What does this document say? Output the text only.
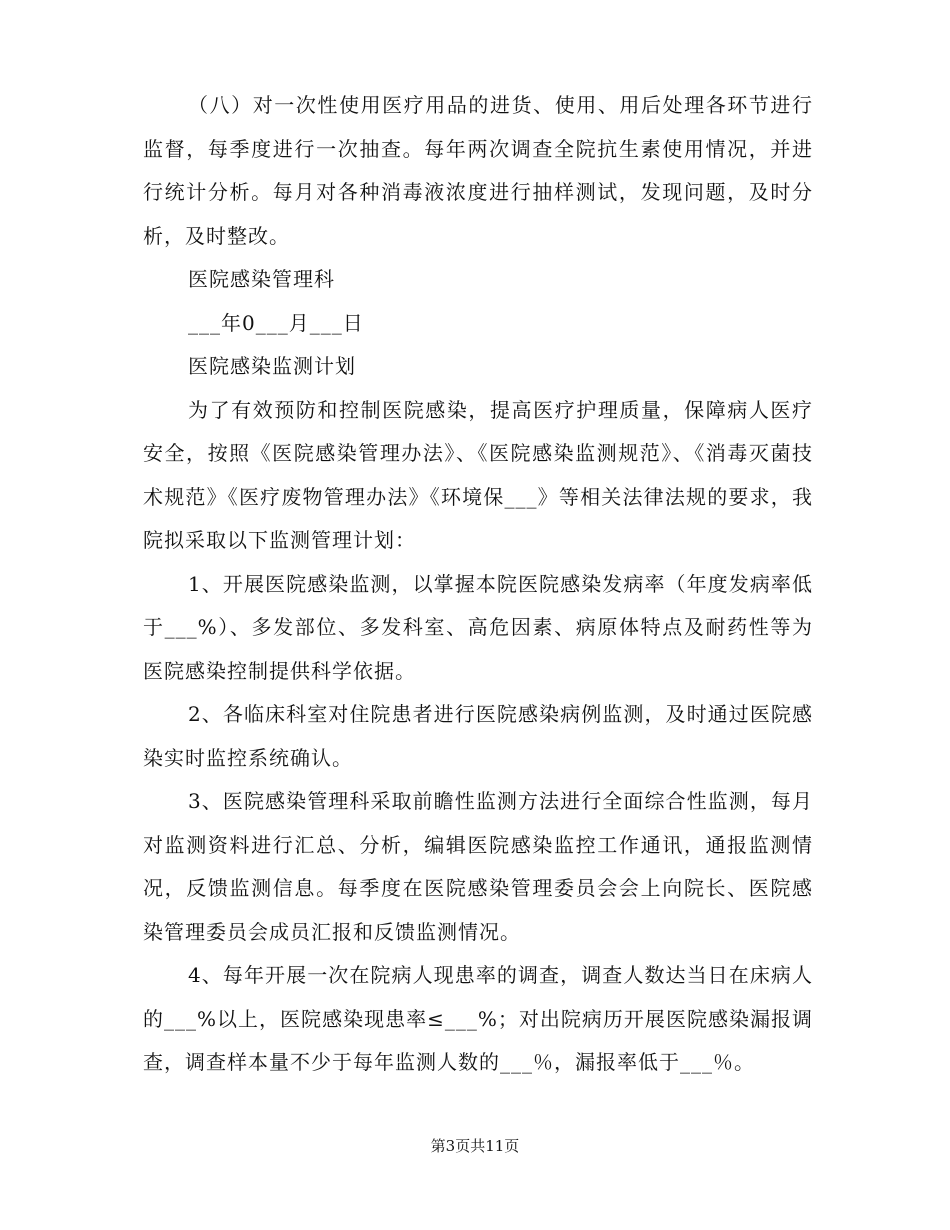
（八）对一次性使用医疗用品的进货、使用、用后处理各环节进行监督，每季度进行一次抽查。每年两次调查全院抗生素使用情况，并进行统计分析。每月对各种消毒液浓度进行抽样测试，发现问题，及时分析，及时整改。

医院感染管理科

___年0___月___日

医院感染监测计划

为了有效预防和控制医院感染，提高医疗护理质量，保障病人医疗安全，按照《医院感染管理办法》、《医院感染监测规范》、《消毒灭菌技术规范》《医疗废物管理办法》《环境保___》等相关法律法规的要求，我院拟采取以下监测管理计划：

1、开展医院感染监测，以掌握本院医院感染发病率（年度发病率低于___%）、多发部位、多发科室、高危因素、病原体特点及耐药性等为医院感染控制提供科学依据。

2、各临床科室对住院患者进行医院感染病例监测，及时通过医院感染实时监控系统确认。

3、医院感染管理科采取前瞻性监测方法进行全面综合性监测，每月对监测资料进行汇总、分析，编辑医院感染监控工作通讯，通报监测情况，反馈监测信息。每季度在医院感染管理委员会会上向院长、医院感染管理委员会成员汇报和反馈监测情况。

4、每年开展一次在院病人现患率的调查，调查人数达当日在床病人的___%以上，医院感染现患率≤___%；对出院病历开展医院感染漏报调查，调查样本量不少于每年监测人数的___％，漏报率低于___％。

第3页共11页
